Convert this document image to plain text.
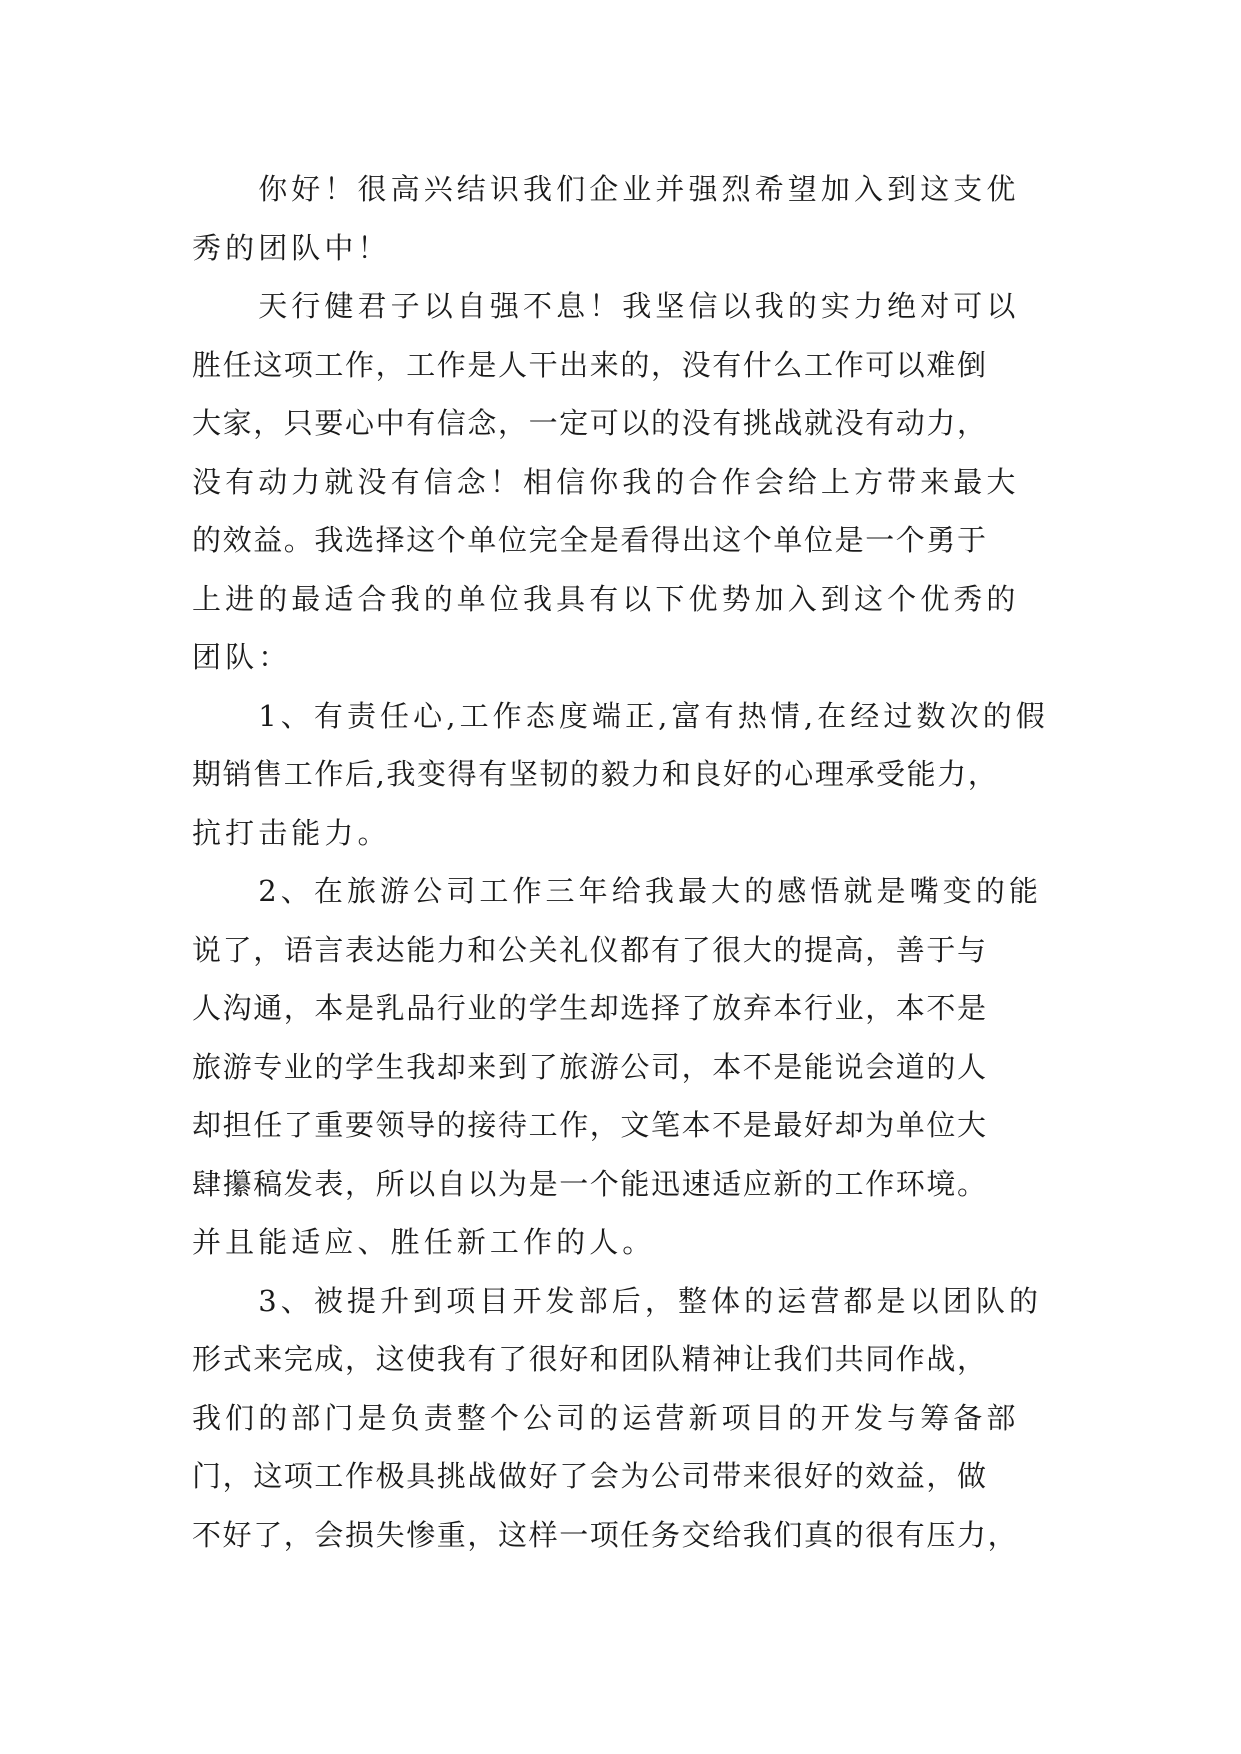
　　你好！很高兴结识我们企业并强烈希望加入到这支优
秀的团队中！
　　天行健君子以自强不息！我坚信以我的实力绝对可以
胜任这项工作，工作是人干出来的，没有什么工作可以难倒
大家，只要心中有信念，一定可以的没有挑战就没有动力，
没有动力就没有信念！相信你我的合作会给上方带来最大
的效益。我选择这个单位完全是看得出这个单位是一个勇于
上进的最适合我的单位我具有以下优势加入到这个优秀的
团队：
　　1、有责任心,工作态度端正,富有热情,在经过数次的假
期销售工作后,我变得有坚韧的毅力和良好的心理承受能力，
抗打击能力。
　　2、在旅游公司工作三年给我最大的感悟就是嘴变的能
说了，语言表达能力和公关礼仪都有了很大的提高，善于与
人沟通，本是乳品行业的学生却选择了放弃本行业，本不是
旅游专业的学生我却来到了旅游公司，本不是能说会道的人
却担任了重要领导的接待工作，文笔本不是最好却为单位大
肆攥稿发表，所以自以为是一个能迅速适应新的工作环境。
并且能适应、胜任新工作的人。
　　3、被提升到项目开发部后，整体的运营都是以团队的
形式来完成，这使我有了很好和团队精神让我们共同作战，
我们的部门是负责整个公司的运营新项目的开发与筹备部
门，这项工作极具挑战做好了会为公司带来很好的效益，做
不好了，会损失惨重，这样一项任务交给我们真的很有压力，
